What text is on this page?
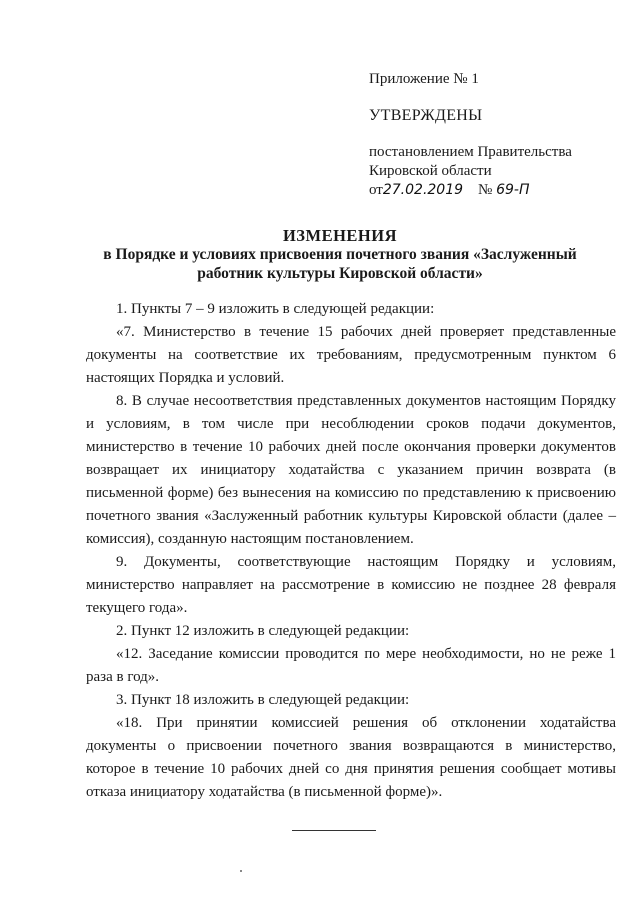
Приложение № 1

УТВЕРЖДЕНЫ

постановлением Правительства

Кировской области

от27.02.2019 № 69-П

ИЗМЕНЕНИЯ
в Порядке и условиях присвоения почетного звания «Заслуженный
работник культуры Кировской области»

1. Пункты 7 – 9 изложить в следующей редакции:

«7. Министерство в течение 15 рабочих дней проверяет представленные документы на соответствие их требованиям, предусмотренным пунктом 6 настоящих Порядка и условий.

8. В случае несоответствия представленных документов настоящим Порядку и условиям, в том числе при несоблюдении сроков подачи документов, министерство в течение 10 рабочих дней после окончания проверки документов возвращает их инициатору ходатайства с указанием причин возврата (в письменной форме) без вынесения на комиссию по представлению к присвоению почетного звания «Заслуженный работник культуры Кировской области (далее – комиссия), созданную настоящим постановлением.

9. Документы, соответствующие настоящим Порядку и условиям, министерство направляет на рассмотрение в комиссию не позднее 28 февраля текущего года».

2. Пункт 12 изложить в следующей редакции:

«12. Заседание комиссии проводится по мере необходимости, но не реже 1 раза в год».

3. Пункт 18 изложить в следующей редакции:

«18. При принятии комиссией решения об отклонении ходатайства документы о присвоении почетного звания возвращаются в министерство, которое в течение 10 рабочих дней со дня принятия решения сообщает мотивы отказа инициатору ходатайства (в письменной форме)».
